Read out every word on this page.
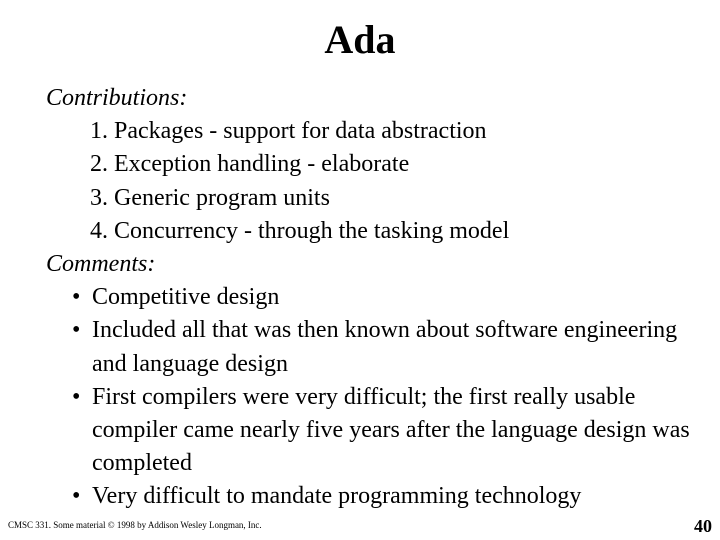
Ada
Contributions:
1. Packages - support for data abstraction
2. Exception handling - elaborate
3. Generic program units
4. Concurrency - through the tasking model
Comments:
• Competitive design
• Included all that was then known about software engineering and language design
• First compilers were very difficult; the first really usable compiler came nearly five years after the language design was completed
• Very difficult to mandate programming technology
CMSC 331. Some material © 1998 by Addison Wesley Longman, Inc.	40
